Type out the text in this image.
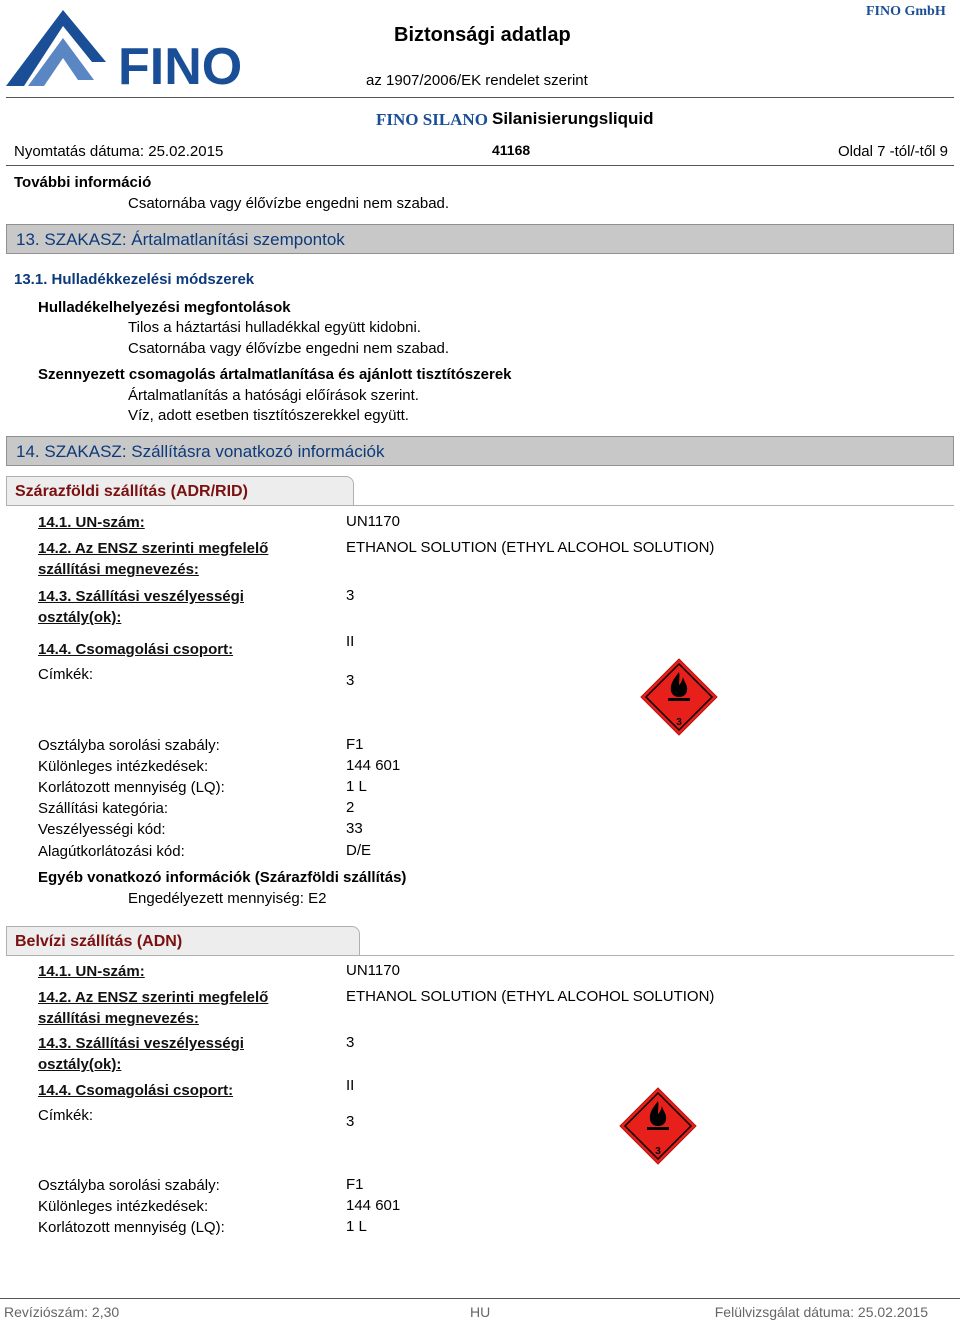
FINO
Biztonsági adatlap
az 1907/2006/EK rendelet szerint
FINO GmbH
FINO SILANO Silanisierungsliquid
Nyomtatás dátuma: 25.02.2015	41168	Oldal 7 -tól/-től 9
További információ
Csatornába vagy élővízbe engedni nem szabad.
13. SZAKASZ: Ártalmatlanítási szempontok
13.1. Hulladékkezelési módszerek
Hulladékelhelyezési megfontolások
Tilos a háztartási hulladékkal együtt kidobni.
Csatornába vagy élővízbe engedni nem szabad.
Szennyezett csomagolás ártalmatlanítása és ajánlott tisztítószerek
Ártalmatlanítás a hatósági előírások szerint.
Víz, adott esetben tisztítószerekkel együtt.
14. SZAKASZ: Szállításra vonatkozó információk
Szárazföldi szállítás (ADR/RID)
14.1. UN-szám:	UN1170
14.2. Az ENSZ szerinti megfelelő
szállítási megnevezés:
ETHANOL SOLUTION (ETHYL ALCOHOL SOLUTION)
14.3. Szállítási veszélyességi
osztály(ok):
3
14.4. Csomagolási csoport:	II
Címkék:	3
3
Osztályba sorolási szabály:	F1
Különleges intézkedések:	144 601
Korlátozott mennyiség (LQ):	1 L
Szállítási kategória:	2
Veszélyességi kód:	33
Alagútkorlátozási kód:	D/E
Egyéb vonatkozó információk (Szárazföldi szállítás)
Engedélyezett mennyiség: E2
Belvízi szállítás (ADN)
14.1. UN-szám:	UN1170
14.2. Az ENSZ szerinti megfelelő
szállítási megnevezés:
ETHANOL SOLUTION (ETHYL ALCOHOL SOLUTION)
14.3. Szállítási veszélyességi
osztály(ok):
3
14.4. Csomagolási csoport:	II
Címkék:	3
3
Osztályba sorolási szabály:	F1
Különleges intézkedések:	144 601
Korlátozott mennyiség (LQ):	1 L
Revíziószám: 2,30	HU	Felülvizsgálat dátuma: 25.02.2015
